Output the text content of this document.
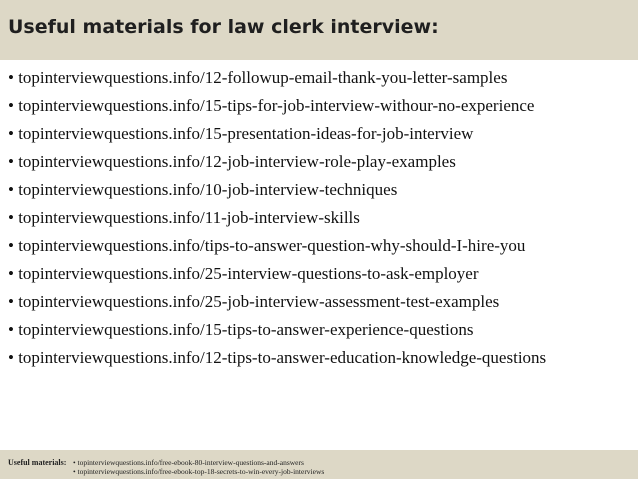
Useful materials for law clerk interview:
• topinterviewquestions.info/12-followup-email-thank-you-letter-samples
• topinterviewquestions.info/15-tips-for-job-interview-withour-no-experience
• topinterviewquestions.info/15-presentation-ideas-for-job-interview
• topinterviewquestions.info/12-job-interview-role-play-examples
• topinterviewquestions.info/10-job-interview-techniques
• topinterviewquestions.info/11-job-interview-skills
• topinterviewquestions.info/tips-to-answer-question-why-should-I-hire-you
• topinterviewquestions.info/25-interview-questions-to-ask-employer
• topinterviewquestions.info/25-job-interview-assessment-test-examples
• topinterviewquestions.info/15-tips-to-answer-experience-questions
• topinterviewquestions.info/12-tips-to-answer-education-knowledge-questions
Useful materials: • topinterviewquestions.info/free-ebook-80-interview-questions-and-answers
• topinterviewquestions.info/free-ebook-top-18-secrets-to-win-every-job-interviews
